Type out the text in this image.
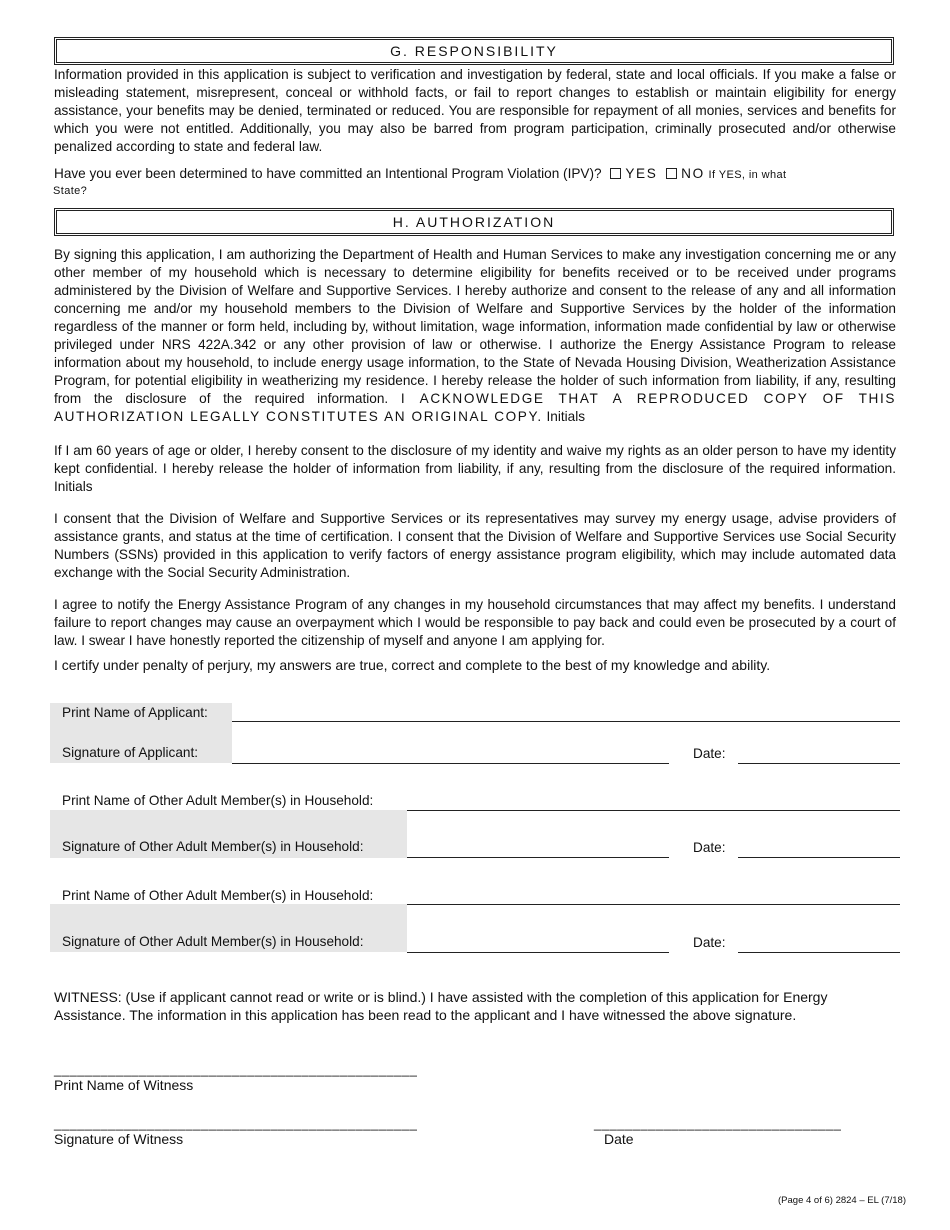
G. RESPONSIBILITY

Information provided in this application is subject to verification and investigation by federal, state and local officials. If you make a false or misleading statement, misrepresent, conceal or withhold facts, or fail to report changes to establish or maintain eligibility for energy assistance, your benefits may be denied, terminated or reduced. You are responsible for repayment of all monies, services and benefits for which you were not entitled. Additionally, you may also be barred from program participation, criminally prosecuted and/or otherwise penalized according to state and federal law.

Have you ever been determined to have committed an Intentional Program Violation (IPV)? YES NO If YES, in what
State?
H. AUTHORIZATION

By signing this application, I am authorizing the Department of Health and Human Services to make any investigation concerning me or any other member of my household which is necessary to determine eligibility for benefits received or to be received under programs administered by the Division of Welfare and Supportive Services. I hereby authorize and consent to the release of any and all information concerning me and/or my household members to the Division of Welfare and Supportive Services by the holder of the information regardless of the manner or form held, including by, without limitation, wage information, information made confidential by law or otherwise privileged under NRS 422A.342 or any other provision of law or otherwise. I authorize the Energy Assistance Program to release information about my household, to include energy usage information, to the State of Nevada Housing Division, Weatherization Assistance Program, for potential eligibility in weatherizing my residence. I hereby release the holder of such information from liability, if any, resulting from the disclosure of the required information. I ACKNOWLEDGE THAT A REPRODUCED COPY OF THIS AUTHORIZATION LEGALLY CONSTITUTES AN ORIGINAL COPY. Initials

If I am 60 years of age or older, I hereby consent to the disclosure of my identity and waive my rights as an older person to have my identity kept confidential. I hereby release the holder of information from liability, if any, resulting from the disclosure of the required information. Initials

I consent that the Division of Welfare and Supportive Services or its representatives may survey my energy usage, advise providers of assistance grants, and status at the time of certification. I consent that the Division of Welfare and Supportive Services use Social Security Numbers (SSNs) provided in this application to verify factors of energy assistance program eligibility, which may include automated data exchange with the Social Security Administration.

I agree to notify the Energy Assistance Program of any changes in my household circumstances that may affect my benefits. I understand failure to report changes may cause an overpayment which I would be responsible to pay back and could even be prosecuted by a court of law. I swear I have honestly reported the citizenship of myself and anyone I am applying for.

I certify under penalty of perjury, my answers are true, correct and complete to the best of my knowledge and ability.

Print Name of Applicant:
Signature of Applicant:	Date:
Print Name of Other Adult Member(s) in Household:
Signature of Other Adult Member(s) in Household:	Date:
Print Name of Other Adult Member(s) in Household:
Signature of Other Adult Member(s) in Household:	Date:

WITNESS: (Use if applicant cannot read or write or is blind.) I have assisted with the completion of this application for Energy Assistance. The information in this application has been read to the applicant and I have witnessed the above signature.

_______________________________________________
Print Name of Witness
_______________________________________________
Signature of Witness
________________________________
Date
(Page 4 of 6) 2824 – EL (7/18)
